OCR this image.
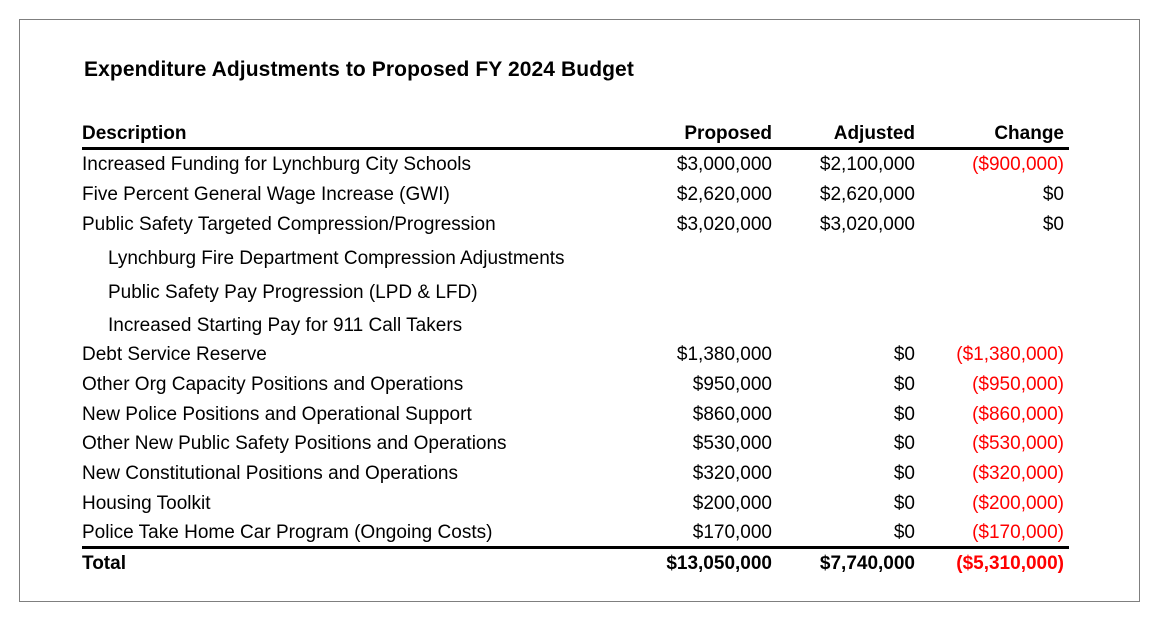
Expenditure Adjustments to Proposed FY 2024 Budget
Description	Proposed	Adjusted	Change
Increased Funding for Lynchburg City Schools	$3,000,000	$2,100,000	($900,000)
Five Percent General Wage Increase (GWI)	$2,620,000	$2,620,000	$0
Public Safety Targeted Compression/Progression	$3,020,000	$3,020,000	$0
Lynchburg Fire Department Compression Adjustments
Public Safety Pay Progression (LPD & LFD)
Increased Starting Pay for 911 Call Takers
Debt Service Reserve	$1,380,000	$0 ($1,380,000)
Other Org Capacity Positions and Operations	$950,000	$0	($950,000)
New Police Positions and Operational Support	$860,000	$0	($860,000)
Other New Public Safety Positions and Operations	$530,000	$0	($530,000)
New Constitutional Positions and Operations	$320,000	$0	($320,000)
Housing Toolkit	$200,000	$0	($200,000)
Police Take Home Car Program (Ongoing Costs)	$170,000	$0	($170,000)
Total	$13,050,000	$7,740,000 ($5,310,000)
